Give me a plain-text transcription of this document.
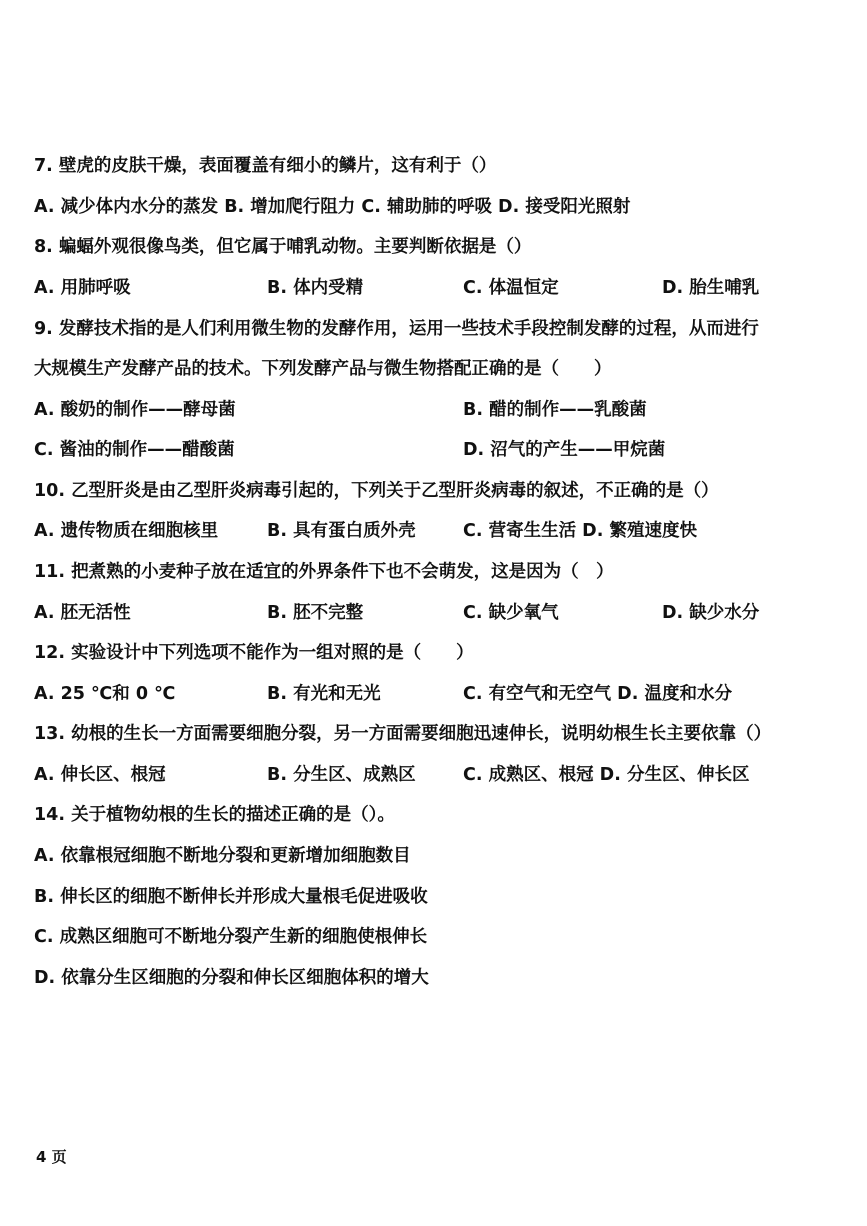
7. 壁虎的皮肤干燥，表面覆盖有细小的鳞片，这有利于（）
A. 减少体内水分的蒸发 B. 增加爬行阻力 C. 辅助肺的呼吸 D. 接受阳光照射
8. 蝙蝠外观很像鸟类，但它属于哺乳动物。主要判断依据是（）
A. 用肺呼吸	B. 体内受精	C. 体温恒定	D. 胎生哺乳
9. 发酵技术指的是人们利用微生物的发酵作用，运用一些技术手段控制发酵的过程，从而进行
大规模生产发酵产品的技术。下列发酵产品与微生物搭配正确的是（　　）
A. 酸奶的制作——酵母菌	B. 醋的制作——乳酸菌
C. 酱油的制作——醋酸菌	D. 沼气的产生——甲烷菌
10. 乙型肝炎是由乙型肝炎病毒引起的，下列关于乙型肝炎病毒的叙述，不正确的是（）
A. 遗传物质在细胞核里	B. 具有蛋白质外壳	C. 营寄生生活 D. 繁殖速度快
11. 把煮熟的小麦种子放在适宜的外界条件下也不会萌发，这是因为（　）
A. 胚无活性	B. 胚不完整	C. 缺少氧气	D. 缺少水分
12. 实验设计中下列选项不能作为一组对照的是（　　）
A. 25 ℃和 0 ℃	B. 有光和无光	C. 有空气和无空气 D. 温度和水分
13. 幼根的生长一方面需要细胞分裂，另一方面需要细胞迅速伸长，说明幼根生长主要依靠（）
A. 伸长区、根冠	B. 分生区、成熟区	C. 成熟区、根冠 D. 分生区、伸长区
14. 关于植物幼根的生长的描述正确的是（）。
A. 依靠根冠细胞不断地分裂和更新增加细胞数目
B. 伸长区的细胞不断伸长并形成大量根毛促进吸收
C. 成熟区细胞可不断地分裂产生新的细胞使根伸长
D. 依靠分生区细胞的分裂和伸长区细胞体积的增大
4 页
